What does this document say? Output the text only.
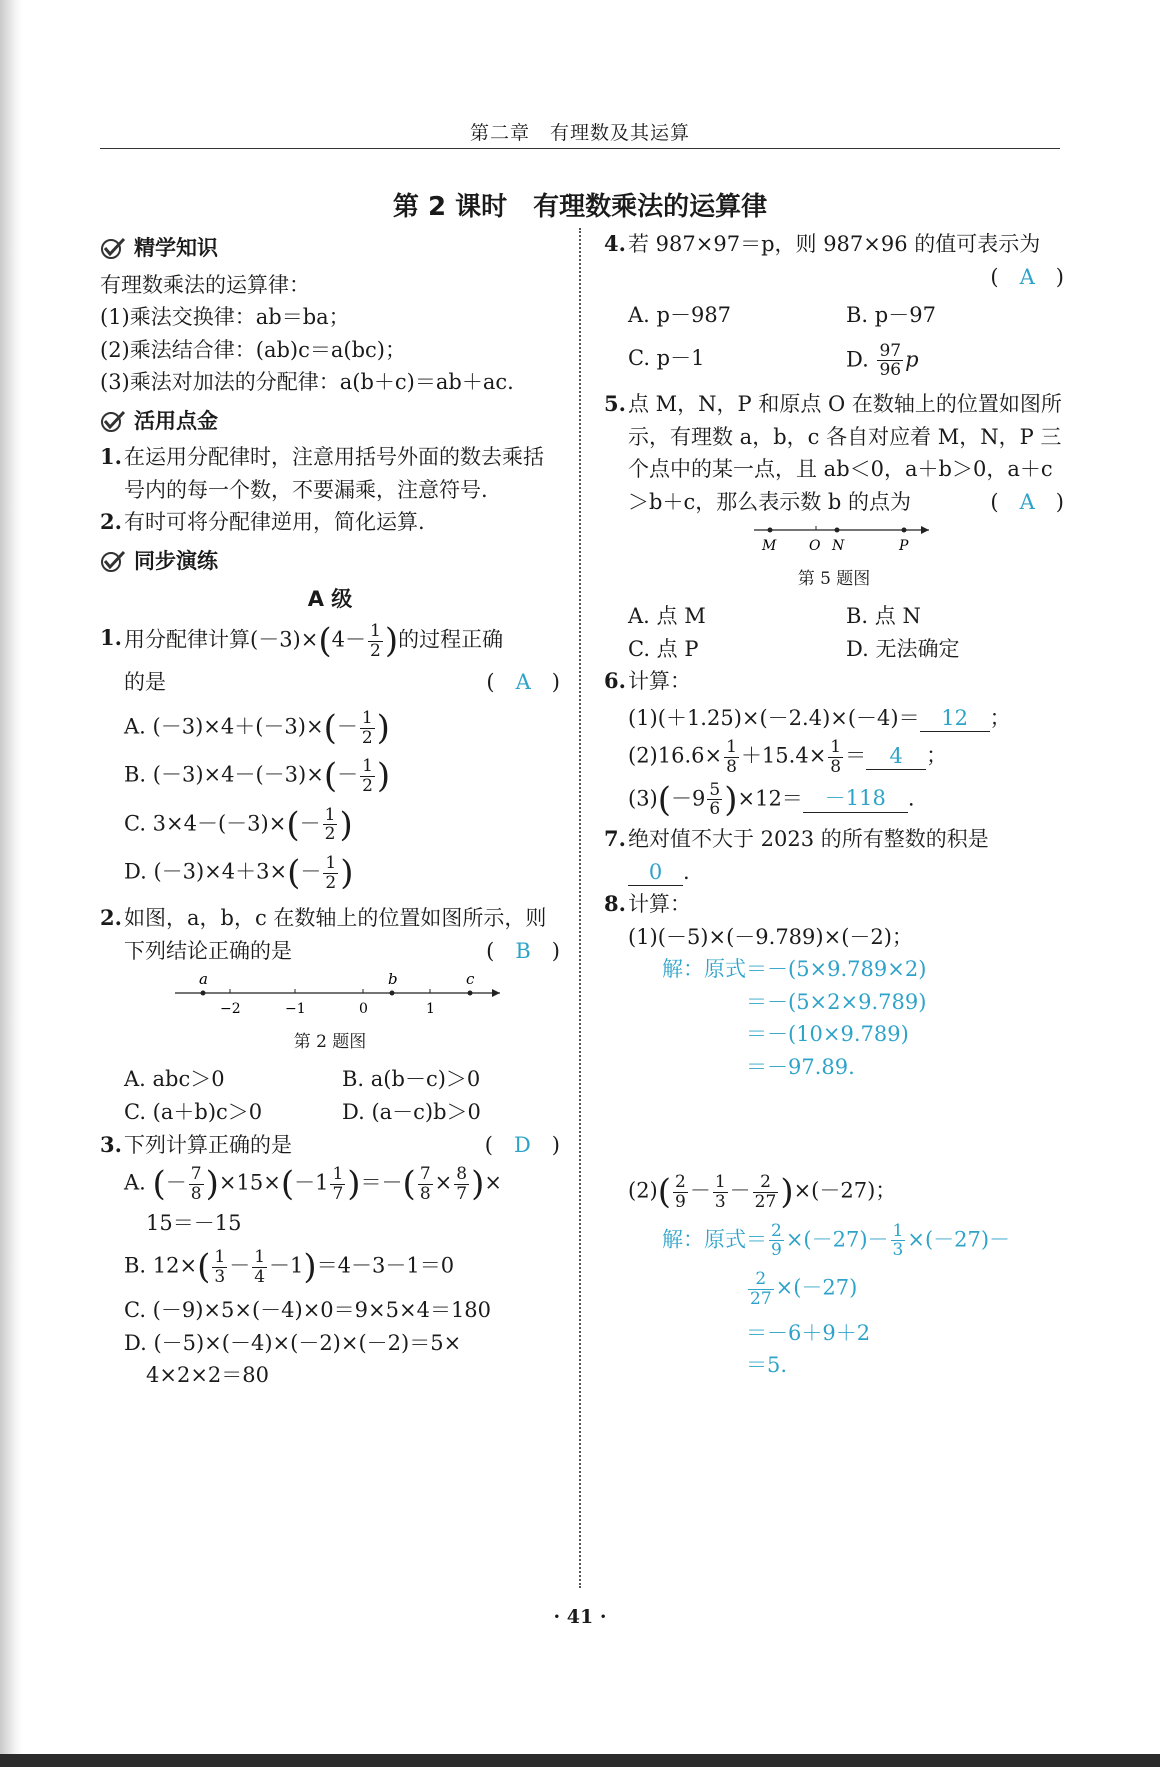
第二章　有理数及其运算
第 2 课时　有理数乘法的运算律
精学知识

有理数乘法的运算律：

(1)乘法交换律：ab＝ba；

(2)乘法结合律：(ab)c＝a(bc)；

(3)乘法对加法的分配律：a(b＋c)＝ab＋ac.

活用点金
1. 在运用分配律时，注意用括号外面的数去乘括号内的每一个数，不要漏乘，注意符号.
2. 有时可将分配律逆用，简化运算.
同步演练
A 级
1. 用分配律计算$(-3)\times(4- \frac{1}{2}$ )的过程正确
的是	(　A　)
A. $(-3)\times 4+(-3)\times(- \frac{1}{2}$ )
B. $(-3)\times 4-(-3)\times(- \frac{1}{2}$ )
C. $3\times 4-(-3)\times(- \frac{1}{2}$ )
D. $(-3)\times 4+3\times(- \frac{1}{2}$ )
2. 如图，a，b，c 在数轴上的位置如图所示，则下列结论正确的是	(　B　)
a	b	c
−2	−1	0	1
第 2 题图
A. abc＞0	B. a(b－c)＞0
C. (a＋b)c＞0	D. (a－c)b＞0
3. 下列计算正确的是	(　D　)
A. (－ $\frac{7}{8} )\times 15\times(-1 \frac{1}{7}$ )＝－( $\frac{7}{8} \times \frac{8}{7}$ )×
15＝－15
B. $12\times( \frac{1}{3} - \frac{1}{4} -1)=4-3-1=0$
C. (－9)×5×(－4)×0＝9×5×4＝180
D. (－5)×(－4)×(－2)×(－2)＝5×
4×2×2＝80
4. 若 987×97＝p，则 987×96 的值可表示为
(　A　)
A. p－987	B. p－97
C. p－1	D. $\frac{97}{96}$ p
5. 点 M，N，P 和原点 O 在数轴上的位置如图所示，有理数 a，b，c 各自对应着 M，N，P 三个点中的某一点，且 ab＜0，a＋b＞0，a＋c＞b＋c，那么表示数 b 的点为	(　A　)
M O N	P
第 5 题图
A. 点 M	B. 点 N
C. 点 P	D. 无法确定
6. 计算：
(1)(＋1.25)×(－2.4)×(－4)＝ 12 ；
$(2)16.6\times \frac{1}{8} +15.4\times \frac{1}{8} = 4$ ；
$(3)(-9 \frac{5}{6} )\times 12= -118$ .
7. 绝对值不大于 2023 的所有整数的积是
0 .
8. 计算：
(1)(－5)×(－9.789)×(－2)；
解：原式＝－(5×9.789×2)
＝－(5×2×9.789)
＝－(10×9.789)
＝－97.89.
$(2)( \frac{2}{9} - \frac{1}{3} - \frac{2}{27} )\times(-27)$；
解：原式＝ $\frac{2}{9} \times(-27)- \frac{1}{3} \times(-27)-$
$\frac{2}{27} \times(-27)$
＝－6＋9＋2
＝5.
· 41 ·
